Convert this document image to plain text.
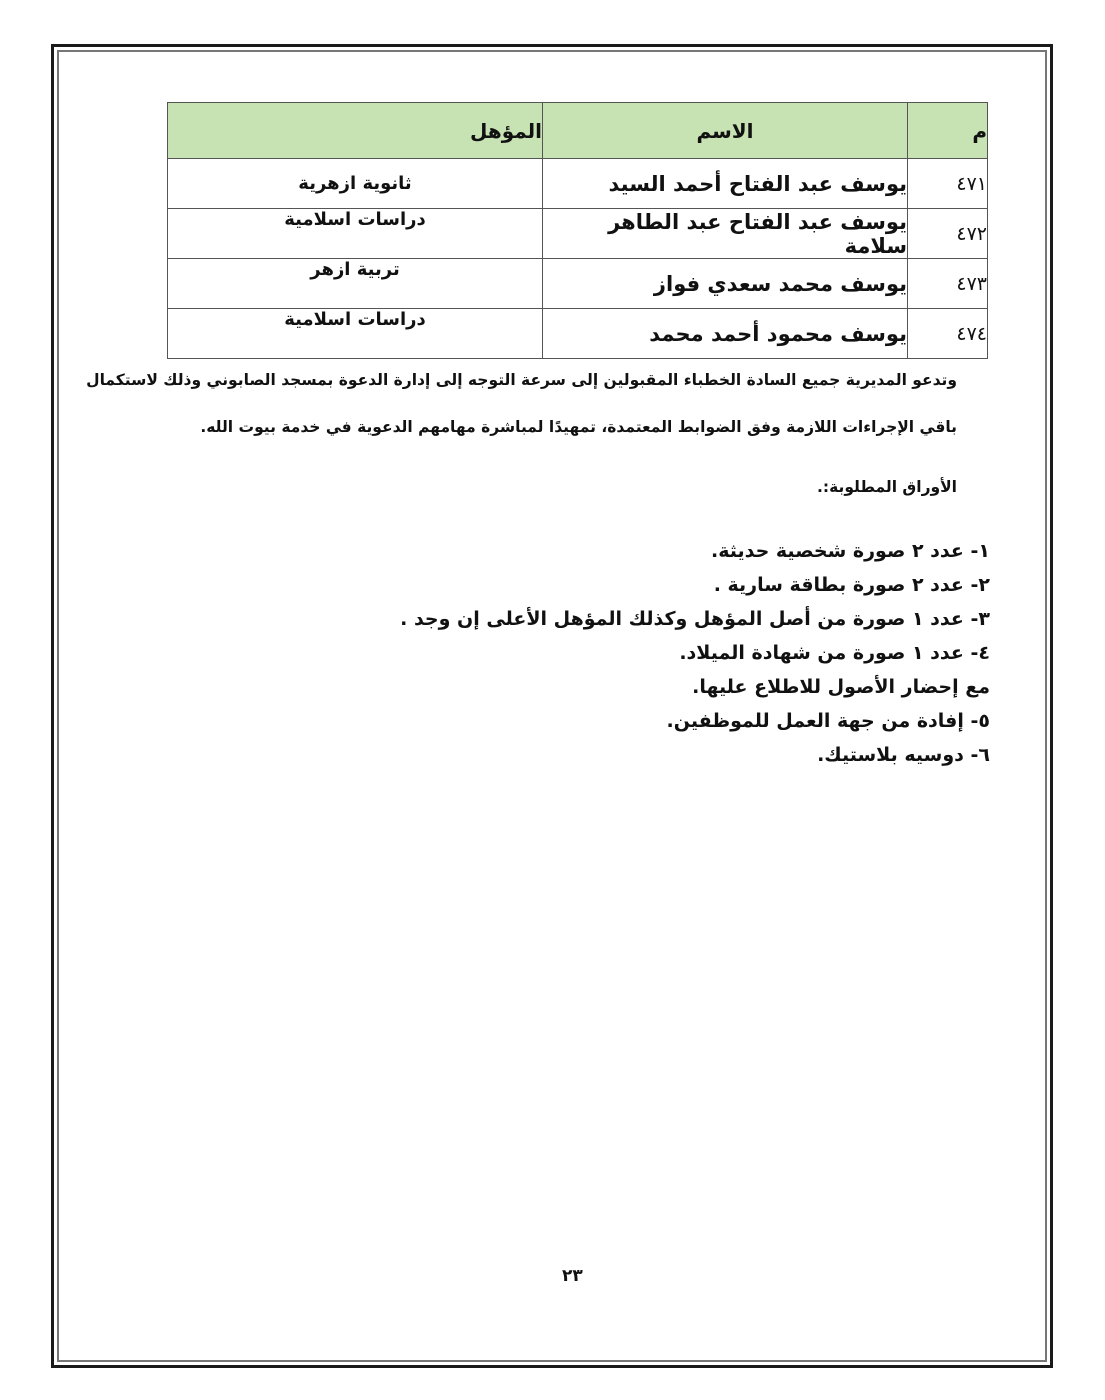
م	الاسم	المؤهل
٤٧١	يوسف عبد الفتاح أحمد السيد	ثانوية ازهرية
٤٧٢	يوسف عبد الفتاح عبد الطاهر سلامة	دراسات اسلامية
٤٧٣	يوسف محمد سعدي فواز	تربية ازهر
٤٧٤	يوسف محمود أحمد محمد	دراسات اسلامية
وتدعو المديرية جميع السادة الخطباء المقبولين إلى سرعة التوجه إلى إدارة الدعوة بمسجد الصابوني وذلك لاستكمال
باقي الإجراءات اللازمة وفق الضوابط المعتمدة، تمهيدًا لمباشرة مهامهم الدعوية في خدمة بيوت الله.
الأوراق المطلوبة:.
١- عدد ٢ صورة شخصية حديثة.
٢- عدد ٢ صورة بطاقة سارية .
٣- عدد ١ صورة من أصل المؤهل وكذلك المؤهل الأعلى إن وجد .
٤- عدد ١ صورة من شهادة الميلاد.
مع إحضار الأصول للاطلاع عليها.
٥- إفادة من جهة العمل للموظفين.
٦- دوسيه بلاستيك.
٢٣
